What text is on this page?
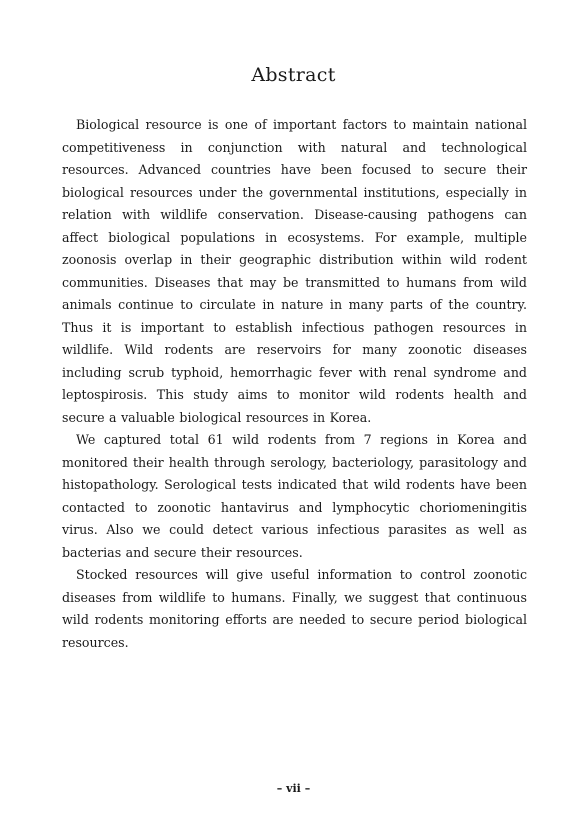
Abstract

Biological resource is one of important factors to maintain national competitiveness in conjunction with natural and technological resources. Advanced countries have been focused to secure their biological resources under the governmental institutions, especially in relation with wildlife conservation. Disease-causing pathogens can affect biological populations in ecosystems. For example, multiple zoonosis overlap in their geographic distribution within wild rodent communities. Diseases that may be transmitted to humans from wild animals continue to circulate in nature in many parts of the country. Thus it is important to establish infectious pathogen resources in wildlife. Wild rodents are reservoirs for many zoonotic diseases including scrub typhoid, hemorrhagic fever with renal syndrome and leptospirosis. This study aims to monitor wild rodents health and secure a valuable biological resources in Korea.

We captured total 61 wild rodents from 7 regions in Korea and monitored their health through serology, bacteriology, parasitology and histopathology. Serological tests indicated that wild rodents have been contacted to zoonotic hantavirus and lymphocytic choriomeningitis virus. Also we could detect various infectious parasites as well as bacterias and secure their resources.

Stocked resources will give useful information to control zoonotic diseases from wildlife to humans. Finally, we suggest that continuous wild rodents monitoring efforts are needed to secure period biological resources.

– vii –
